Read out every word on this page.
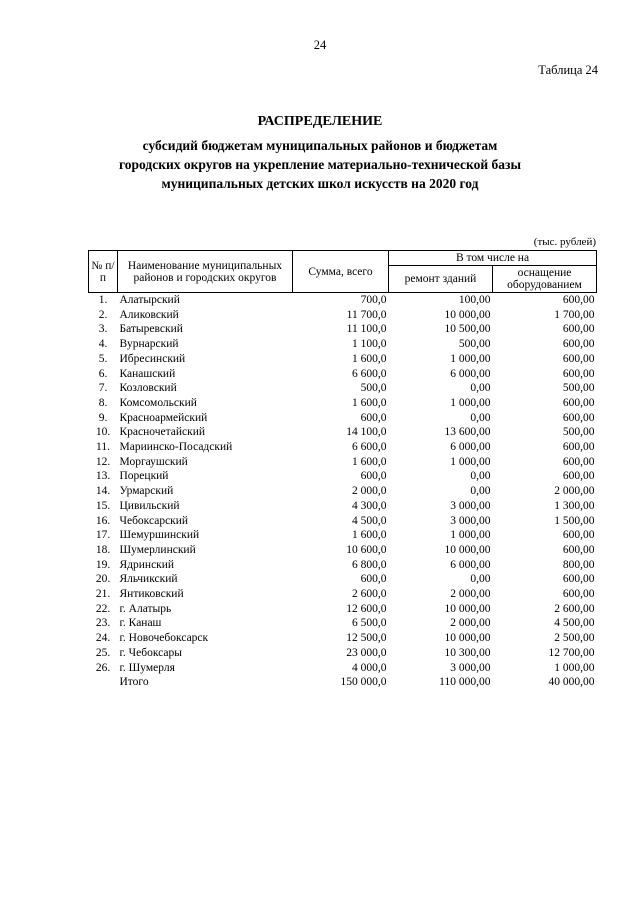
24
Таблица 24
РАСПРЕДЕЛЕНИЕ
субсидий бюджетам муниципальных районов и бюджетам
городских округов на укрепление материально-технической базы
муниципальных детских школ искусств на 2020 год
(тыс. рублей)
№ п/п	Наименование муниципальных районов и городских округов	Сумма, всего	В том числе на	
			ремонт зданий	оснащение оборудованием
1.	Алатырский	700,0	100,00	600,00
2.	Аликовский	11 700,0	10 000,00	1 700,00
3.	Батыревский	11 100,0	10 500,00	600,00
4.	Вурнарский	1 100,0	500,00	600,00
5.	Ибресинский	1 600,0	1 000,00	600,00
6.	Канашский	6 600,0	6 000,00	600,00
7.	Козловский	500,0	0,00	500,00
8.	Комсомольский	1 600,0	1 000,00	600,00
9.	Красноармейский	600,0	0,00	600,00
10.	Красночетайский	14 100,0	13 600,00	500,00
11.	Мариинско-Посадский	6 600,0	6 000,00	600,00
12.	Моргаушский	1 600,0	1 000,00	600,00
13.	Порецкий	600,0	0,00	600,00
14.	Урмарский	2 000,0	0,00	2 000,00
15.	Цивильский	4 300,0	3 000,00	1 300,00
16.	Чебоксарский	4 500,0	3 000,00	1 500,00
17.	Шемуршинский	1 600,0	1 000,00	600,00
18.	Шумерлинский	10 600,0	10 000,00	600,00
19.	Ядринский	6 800,0	6 000,00	800,00
20.	Яльчикский	600,0	0,00	600,00
21.	Янтиковский	2 600,0	2 000,00	600,00
22.	г. Алатырь	12 600,0	10 000,00	2 600,00
23.	г. Канаш	6 500,0	2 000,00	4 500,00
24.	г. Новочебоксарск	12 500,0	10 000,00	2 500,00
25.	г. Чебоксары	23 000,0	10 300,00	12 700,00
26.	г. Шумерля	4 000,0	3 000,00	1 000,00
	Итого	150 000,0	110 000,00	40 000,00
